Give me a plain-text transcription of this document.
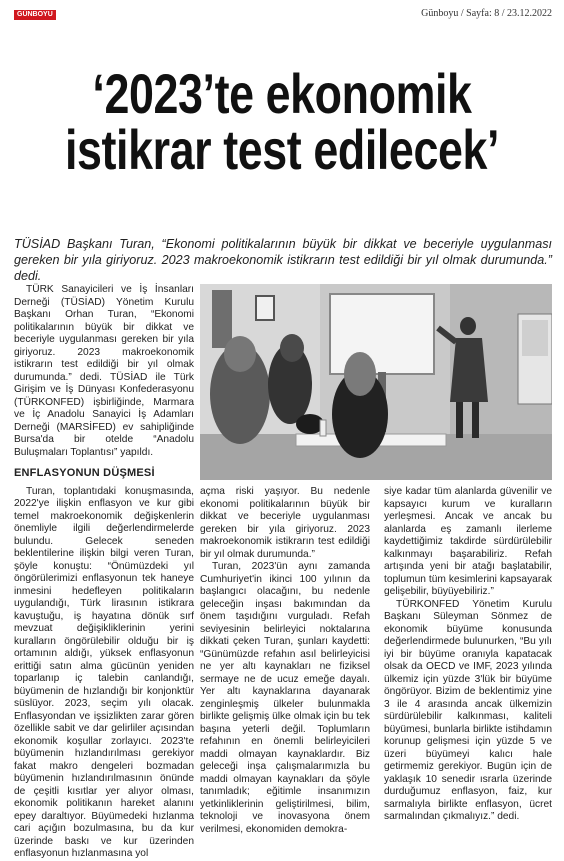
GÜNBOYU	Günboyu / Sayfa: 8 / 23.12.2022
‘2023’te ekonomik
istikrar test edilecek’
TÜSİAD Başkanı Turan, “Ekonomi politikalarının büyük bir dikkat ve beceriyle uygulanması gereken bir yıla giriyoruz. 2023 makroekonomik istikrarın test edildiği bir yıl olmak durumunda.” dedi.

TÜRK Sanayicileri ve İş İnsanları Derneği (TÜSİAD) Yönetim Kurulu Başkanı Orhan Turan, “Ekonomi politikalarının büyük bir dikkat ve beceriyle uygulanması gereken bir yıla giriyoruz. 2023 makroekonomik istikrarın test edildiği bir yıl olmak durumunda.” dedi. TÜSİAD ile Türk Girişim ve İş Dünyası Konfederasyonu (TÜRKONFED) işbirliğinde, Marmara ve İç Anadolu Sanayici İş Adamları Derneği (MARSİFED) ev sahipliğinde Bursa'da bir otelde “Anadolu Buluşmaları Toplantısı” yapıldı.

ENFLASYONUN DÜŞMESİ

Turan, toplantıdaki konuşmasında, 2022'ye ilişkin enflasyon ve kur gibi temel makroekonomik değişkenlerin önemliyle ilgili değerlendirmelerde bulundu. Gelecek seneden beklentilerine ilişkin bilgi veren Turan, şöyle konuştu: “Önümüzdeki yıl öngörülerimizi enflasyonun tek haneye inmesini hedefleyen politikaların uygulandığı, Türk lirasının istikrara kavuştuğu, iş hayatına dönük sırf mevzuat değişikliklerinin yerini kuralların öngörülebilir olduğu bir iş ortamının aldığı, yüksek enflasyonun erittiği satın alma gücünün yeniden toparlanıp iç talebin canlandığı, büyümenin de hızlandığı bir konjonktür süslüyor. 2023, seçim yılı olacak. Enflasyondan ve işsizlikten zarar gören özellikle sabit ve dar gelirliler açısından ekonomik koşullar zorlayıcı. 2023'te büyümenin hızlandırılması gerekiyor fakat makro dengeleri bozmadan büyümenin hızlandırılmasının önünde de çeşitli kısıtlar yer alıyor olması, ekonomik politikanın hareket alanını epey daraltıyor. Büyümedeki hızlanma cari açığın bozulmasına, bu da kur üzerinde baskı ve kur üzerinden enflasyonun hızlanmasına yol

açma riski yaşıyor. Bu nedenle ekonomi politikalarının büyük bir dikkat ve beceriyle uygulanması gereken bir yıla giriyoruz. 2023 makroekonomik istikrarın test edildiği bir yıl olmak durumunda.”

Turan, 2023'ün aynı zamanda Cumhuriyet'in ikinci 100 yılının da başlangıcı olacağını, bu nedenle geleceğin inşası bakımından da önem taşıdığını vurguladı. Refah seviyesinin belirleyici noktalarına dikkati çeken Turan, şunları kaydetti: “Günümüzde refahın asıl belirleyicisi ne yer altı kaynakları ne fiziksel sermaye ne de ucuz emeğe dayalı. Yer altı kaynaklarına dayanarak zenginleşmiş ülkeler bulunmakla birlikte gelişmiş ülke olmak için bu tek başına yeterli değil. Toplumların refahının en önemli belirleyicileri maddi olmayan kaynaklardır. Biz geleceği inşa çalışmalarımızla bu maddi olmayan kaynakları da şöyle tanımladık; eğitimle insanımızın yetkinliklerinin geliştirilmesi, bilim, teknoloji ve inovasyona önem verilmesi, ekonomiden demokra-

siye kadar tüm alanlarda güvenilir ve kapsayıcı kurum ve kuralların yerleşmesi. Ancak ve ancak bu alanlarda eş zamanlı ilerleme kaydettiğimiz takdirde sürdürülebilir kalkınmayı başarabiliriz. Refah artışında yeni bir atağı başlatabilir, toplumun tüm kesimlerini kapsayarak gelişebilir, büyüyebiliriz.”

TÜRKONFED Yönetim Kurulu Başkanı Süleyman Sönmez de ekonomik büyüme konusunda değerlendirmede bulunurken, “Bu yılı iyi bir büyüme oranıyla kapatacak olsak da OECD ve IMF, 2023 yılında ülkemiz için yüzde 3'lük bir büyüme öngörüyor. Bizim de beklentimiz yine 3 ile 4 arasında ancak ülkemizin sürdürülebilir kalkınması, kaliteli büyümesi, bunlarla birlikte istihdamın korunup gelişmesi için yüzde 5 ve üzeri büyümeyi kalıcı hale getirmemiz gerekiyor. Bugün için de yaklaşık 10 senedir ısrarla üzerinde durduğumuz enflasyon, faiz, kur sarmalıyla birlikte enflasyon, ücret sarmalından çıkmalıyız.” dedi.
